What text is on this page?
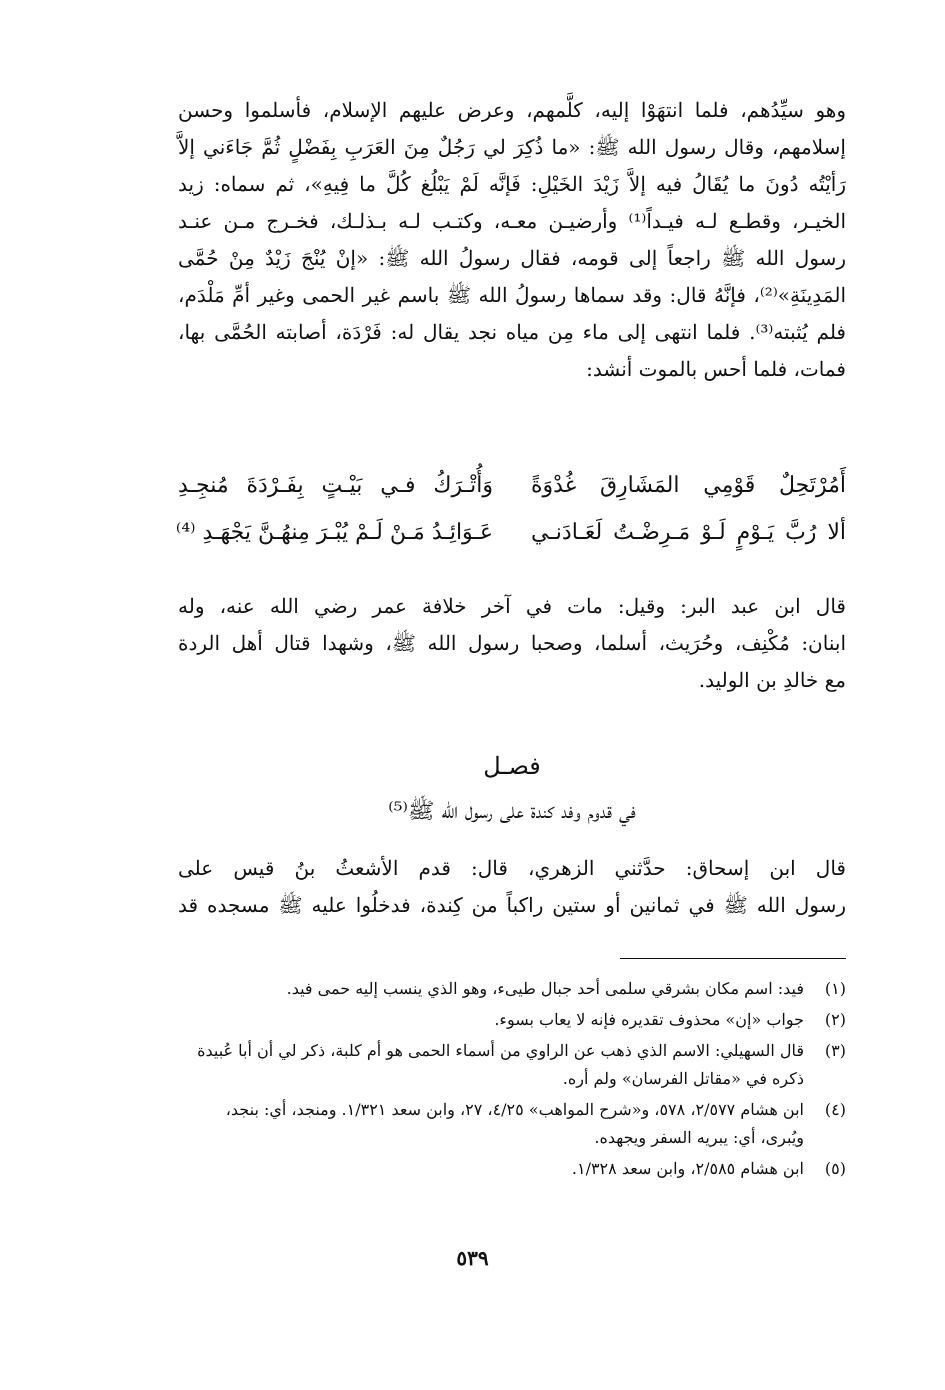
وهو سيِّدُهم، فلما انتهَوْا إليه، كلَّمهم، وعرض عليهم الإسلام، فأسلموا وحسن
إسلامهم، وقال رسول الله ﷺ: «ما ذُكِرَ لي رَجُلٌ مِنَ العَرَبِ بِفَضْلٍ ثُمَّ جَاءَني إلاَّ
رَأيْتُه دُونَ ما يُقَالُ فيه إلاَّ زَيْدَ الخَيْلِ: فَإنَّه لَمْ يَبْلُغ كُلَّ ما فِيهِ»، ثم سماه: زيد
الخيـر، وقطـع لـه فيـداً⁽¹⁾ وأرضيـن معـه، وكتـب لـه بـذلـك، فخـرج مـن عنـد
رسول الله ﷺ راجعاً إلى قومه، فقال رسولُ الله ﷺ: «إنْ يُنْجَ زَيْدٌ مِنْ حُمَّى
المَدِينَةِ»⁽²⁾، فإنَّهُ قال: وقد سماها رسولُ الله ﷺ باسم غير الحمى وغير أمِّ مَلْدَم،
فلم يُثبته⁽³⁾. فلما انتهى إلى ماء مِن مياه نجد يقال له: فَرْدَة، أصابته الحُمَّى بها،
فمات، فلما أحس بالموت أنشد:
أَمُرْتَحِلٌ قَوْمِي المَشَارِقَ غُدْوَةً
وَأُتْـرَكُ فـي بَيْـتٍ بِفَـرْدَةَ مُنجِـدِ
ألا رُبَّ يَـوْمٍ لَـوْ مَـرِضْـتُ لَعَـادَنـي
عَـوَائِـدُ مَـنْ لَـمْ يُبْـرَ مِنهُـنَّ يَجْهَـدِ ⁽⁴⁾
قال ابن عبد البر: وقيل: مات في آخر خلافة عمر رضي الله عنه، وله
ابنان: مُكْنِف، وحُرَيث، أسلما، وصحبا رسول الله ﷺ، وشهدا قتال أهل الردة
مع خالدِ بن الوليد.
فصـل
في قدوم وفد كندة على رسول الله ﷺ⁽⁵⁾
قال ابن إسحاق: حدَّثني الزهري، قال: قدم الأشعثُ بنُ قيس على
رسول الله ﷺ في ثمانين أو ستين راكباً من كِندة، فدخلُوا عليه ﷺ مسجده قد
(١)
فيد: اسم مكان بشرقي سلمى أحد جبال طيىء، وهو الذي ينسب إليه حمى فيد.
(٢)
جواب «إن» محذوف تقديره فإنه لا يعاب بسوء.
(٣)
قال السهيلي: الاسم الذي ذهب عن الراوي من أسماء الحمى هو أم كلبة، ذكر لي أن أبا عُبيدة ذكره في «مقاتل الفرسان» ولم أره.
(٤)
ابن هشام ٢/٥٧٧، ٥٧٨، و«شرح المواهب» ٤/٢٥، ٢٧، وابن سعد ١/٣٢١. ومنجد، أي: بنجد، ويُبرى، أي: يبريه السفر ويجهده.
(٥)
ابن هشام ٢/٥٨٥، وابن سعد ١/٣٢٨.
٥٣٩
